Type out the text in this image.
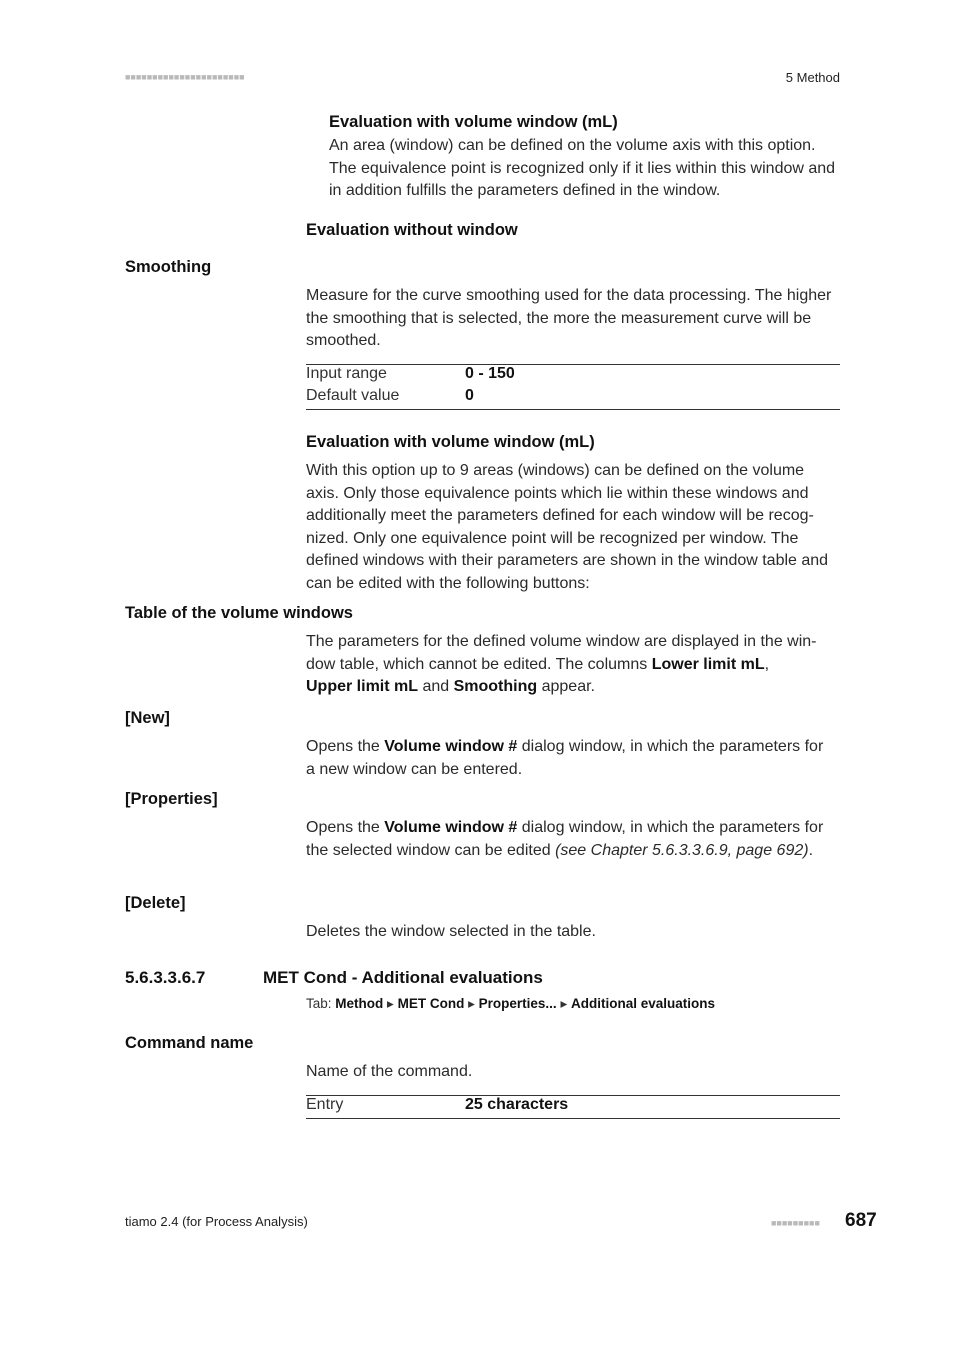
■■■■■■■■■■■■■■■■■■■■■■	5 Method
Evaluation with volume window (mL)
An area (window) can be defined on the volume axis with this option. The equivalence point is recognized only if it lies within this window and in addition fulfills the parameters defined in the window.
Evaluation without window
Smoothing
Measure for the curve smoothing used for the data processing. The higher the smoothing that is selected, the more the measurement curve will be smoothed.
Input range	0 - 150
Default value	0
Evaluation with volume window (mL)
With this option up to 9 areas (windows) can be defined on the volume axis. Only those equivalence points which lie within these windows and additionally meet the parameters defined for each window will be recog-nized. Only one equivalence point will be recognized per window. The defined windows with their parameters are shown in the window table and can be edited with the following buttons:
Table of the volume windows
The parameters for the defined volume window are displayed in the win-dow table, which cannot be edited. The columns Lower limit mL,
Upper limit mL and Smoothing appear.
[New]
Opens the Volume window # dialog window, in which the parameters for a new window can be entered.
[Properties]
Opens the Volume window # dialog window, in which the parameters for the selected window can be edited (see Chapter 5.6.3.3.6.9, page 692).
[Delete]
Deletes the window selected in the table.
5.6.3.3.6.7	MET Cond - Additional evaluations
Tab: Method ▸ MET Cond ▸ Properties... ▸ Additional evaluations
Command name
Name of the command.
Entry	25 characters
tiamo 2.4 (for Process Analysis)	■■■■■■■■■ 687
